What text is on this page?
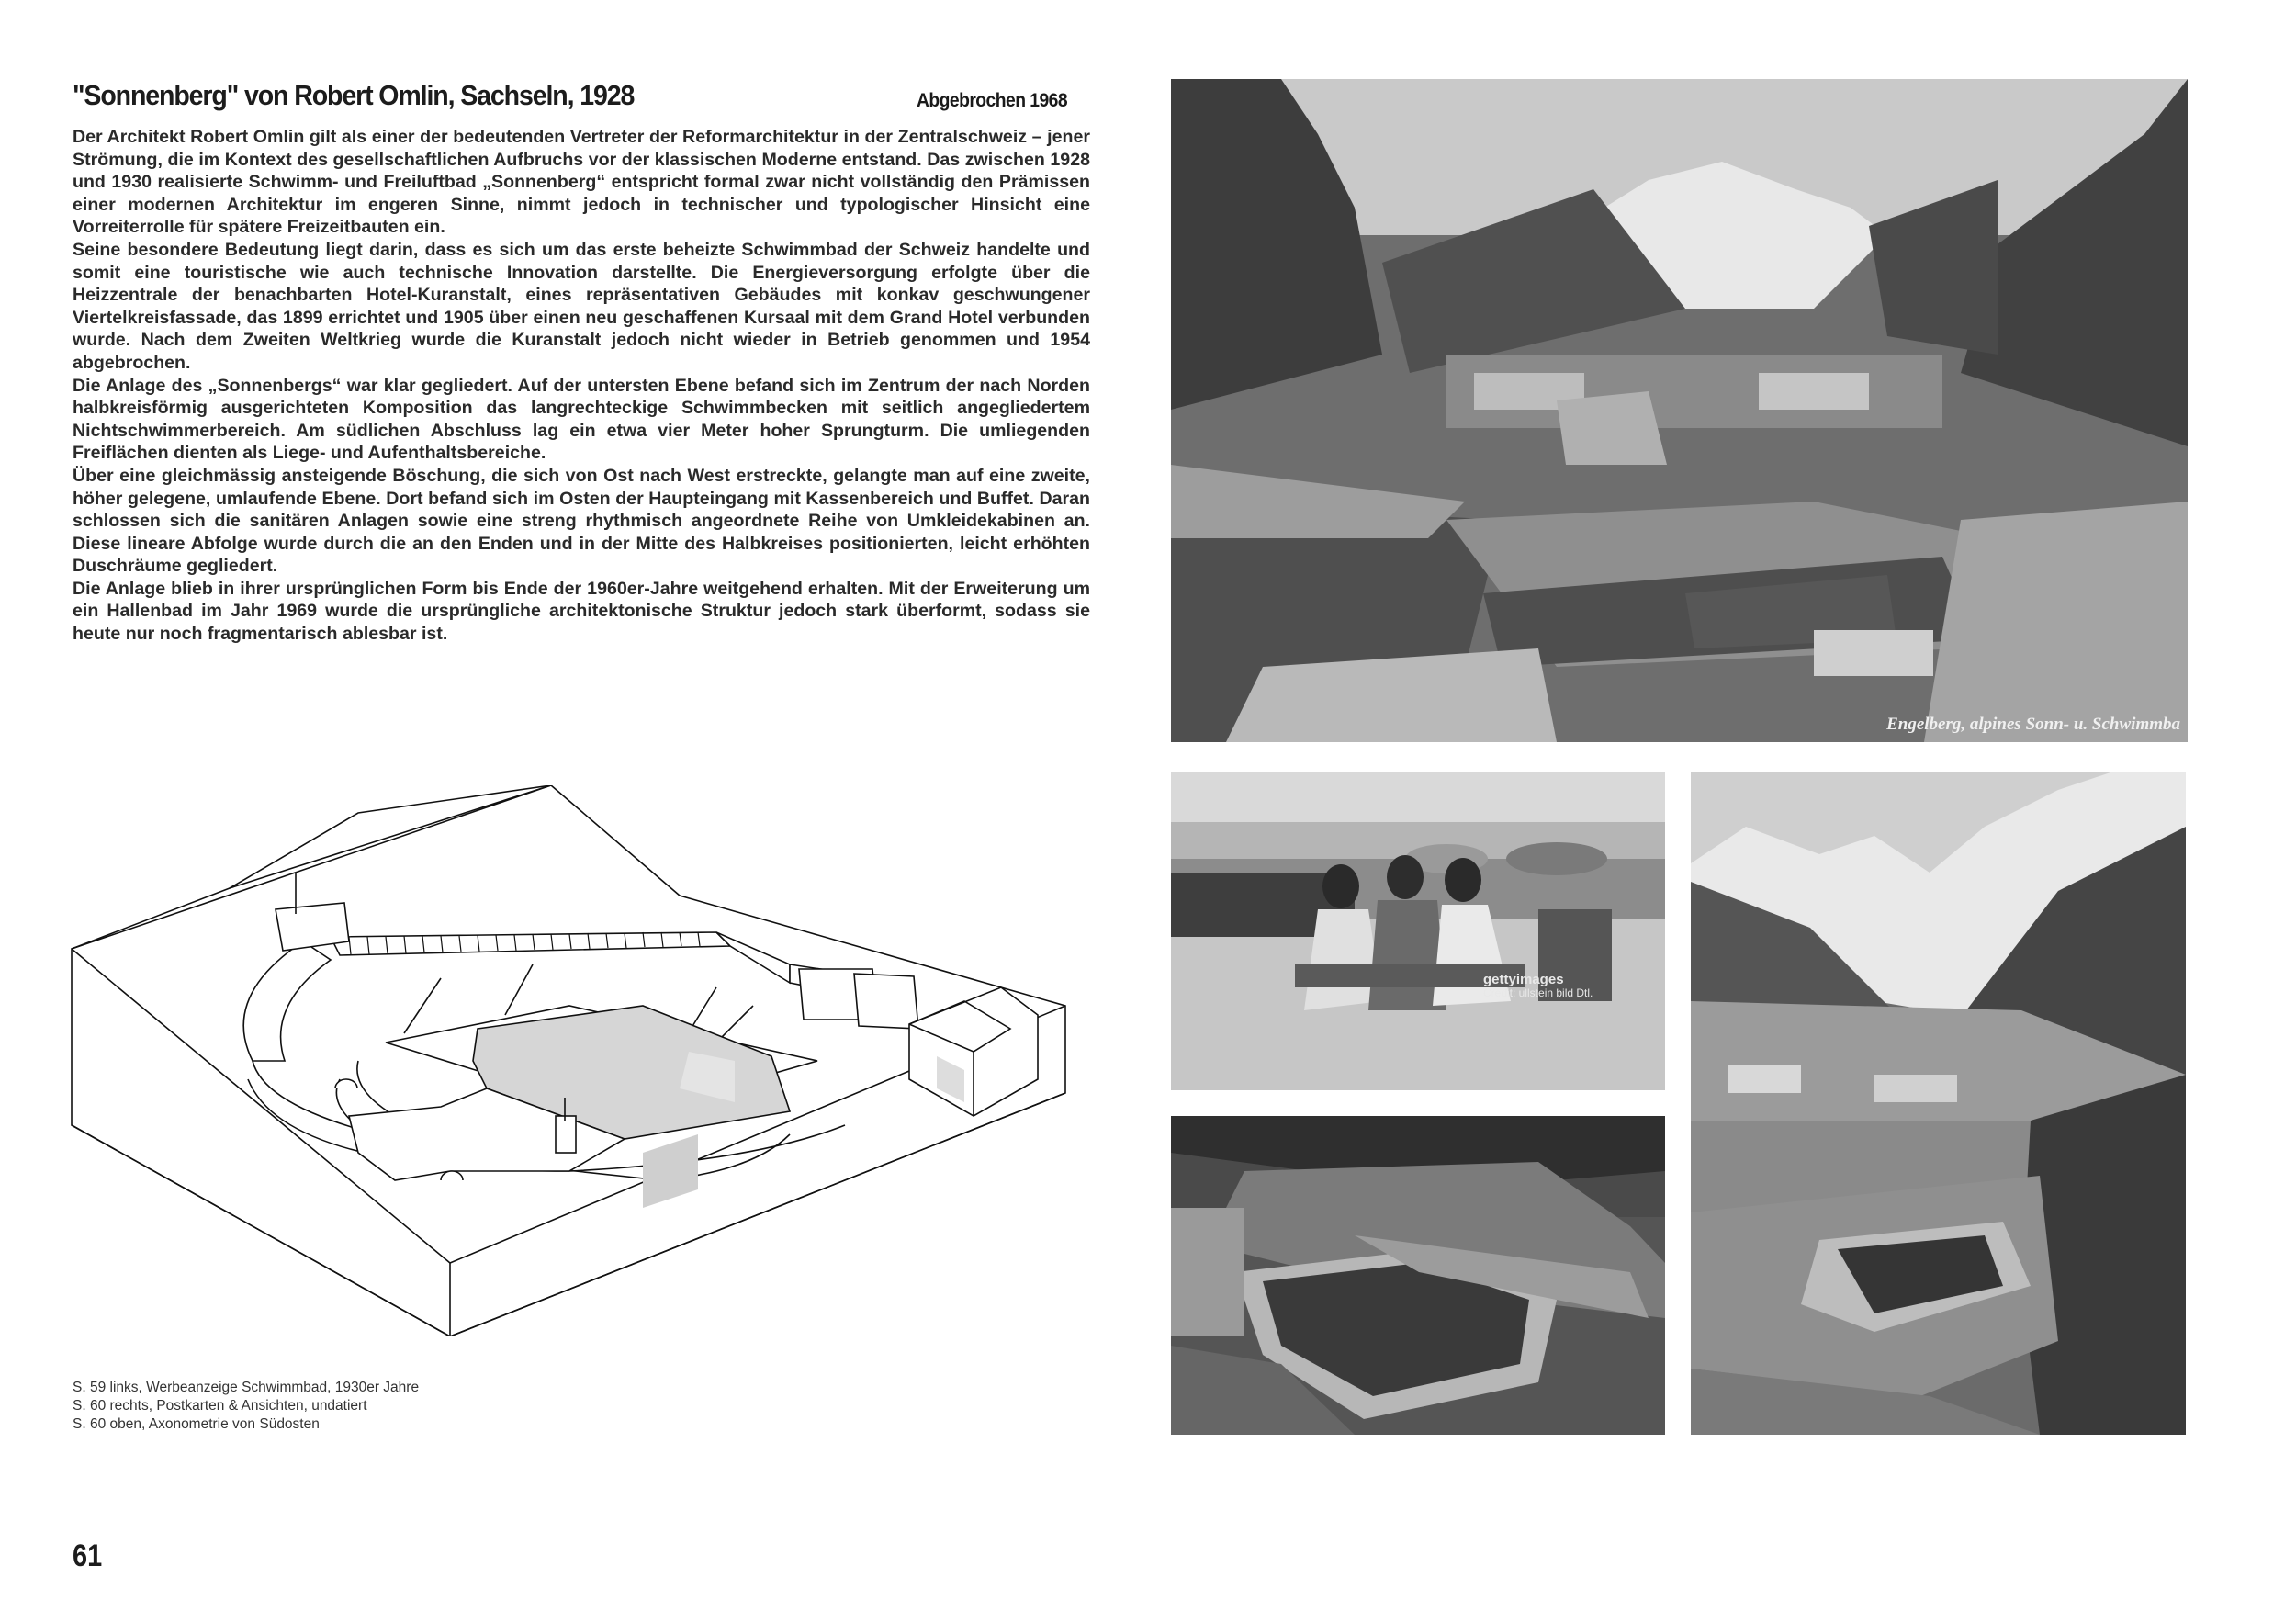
"Sonnenberg" von Robert Omlin, Sachseln, 1928	Abgebrochen 1968

Der Architekt Robert Omlin gilt als einer der bedeutenden Vertreter der Reformarchitektur in der Zentralschweiz – jener Strömung, die im Kontext des gesellschaftlichen Aufbruchs vor der klassischen Moderne entstand. Das zwischen 1928 und 1930 realisierte Schwimm- und Freiluftbad „Sonnenberg“ entspricht formal zwar nicht vollständig den Prämissen einer modernen Architektur im engeren Sinne, nimmt jedoch in technischer und typologischer Hinsicht eine Vorreiterrolle für spätere Freizeitbauten ein.

Seine besondere Bedeutung liegt darin, dass es sich um das erste beheizte Schwimmbad der Schweiz handelte und somit eine touristische wie auch technische Innovation darstellte. Die Energieversorgung erfolgte über die Heizzentrale der benachbarten Hotel-Kuranstalt, eines repräsentativen Gebäudes mit konkav geschwungener Viertelkreisfassade, das 1899 errichtet und 1905 über einen neu geschaffenen Kursaal mit dem Grand Hotel verbunden wurde. Nach dem Zweiten Weltkrieg wurde die Kuranstalt jedoch nicht wieder in Betrieb genommen und 1954 abgebrochen.

Die Anlage des „Sonnenbergs“ war klar gegliedert. Auf der untersten Ebene befand sich im Zentrum der nach Norden halbkreisförmig ausgerichteten Komposition das langrechteckige Schwimmbecken mit seitlich angegliedertem Nichtschwimmerbereich. Am südlichen Abschluss lag ein etwa vier Meter hoher Sprungturm. Die umliegenden Freiflächen dienten als Liege- und Aufenthaltsbereiche.

Über eine gleichmässig ansteigende Böschung, die sich von Ost nach West erstreckte, gelangte man auf eine zweite, höher gelegene, umlaufende Ebene. Dort befand sich im Osten der Haupteingang mit Kassenbereich und Buffet. Daran schlossen sich die sanitären Anlagen sowie eine streng rhythmisch angeordnete Reihe von Umkleidekabinen an. Diese lineare Abfolge wurde durch die an den Enden und in der Mitte des Halbkreises positionierten, leicht erhöhten Duschräume gegliedert.

Die Anlage blieb in ihrer ursprünglichen Form bis Ende der 1960er-Jahre weitgehend erhalten. Mit der Erweiterung um ein Hallenbad im Jahr 1969 wurde die ursprüngliche architektonische Struktur jedoch stark überformt, sodass sie heute nur noch fragmentarisch ablesbar ist.

S. 59 links, Werbeanzeige Schwimmbad, 1930er Jahre
S. 60 rechts, Postkarten & Ansichten, undatiert
S. 60 oben, Axonometrie von Südosten
61
Engelberg, alpines Sonn- u. Schwimmba
gettyimages
Credit: ullstein bild Dtl.
